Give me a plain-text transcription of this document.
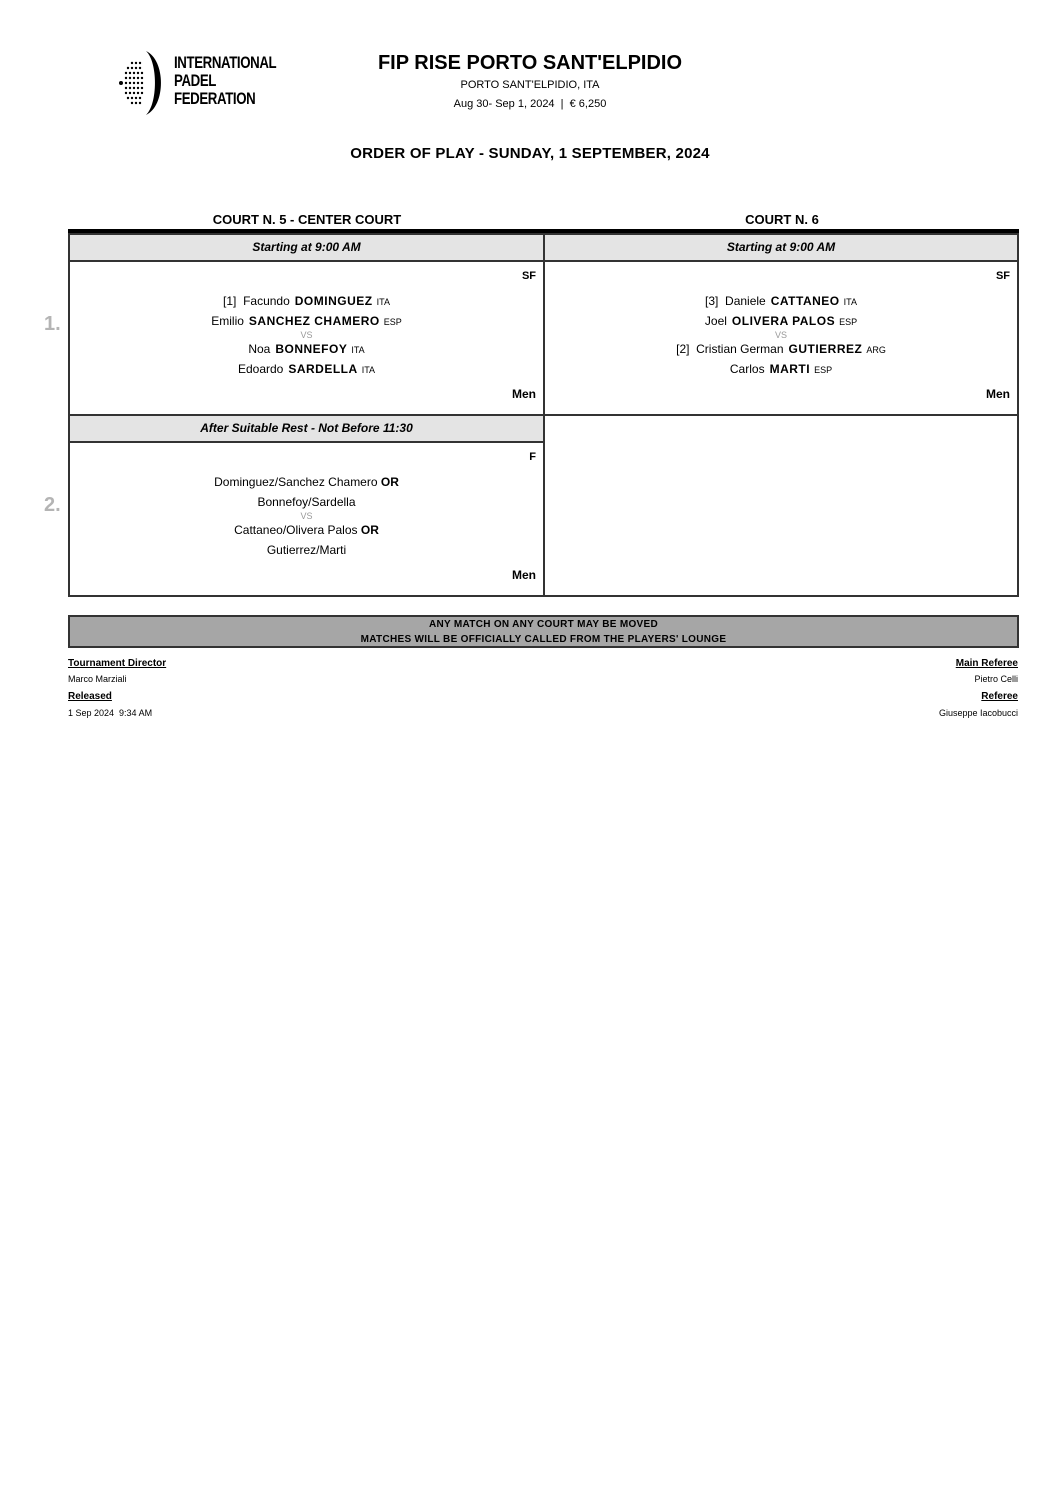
INTERNATIONAL
PADEL
FEDERATION
FIP RISE PORTO SANT'ELPIDIO
PORTO SANT'ELPIDIO, ITA
Aug 30- Sep 1, 2024  |  € 6,250
ORDER OF PLAY - SUNDAY, 1 SEPTEMBER, 2024
COURT N. 5 - CENTER COURT	COURT N. 6
1.
2.
Starting at 9:00 AM
SF
[1] Facundo DOMINGUEZ ITA
Emilio SANCHEZ CHAMERO ESP
VS
Noa BONNEFOY ITA
Edoardo SARDELLA ITA
Men
Starting at 9:00 AM
SF
[3] Daniele CATTANEO ITA
Joel OLIVERA PALOS ESP
VS
[2] Cristian German GUTIERREZ ARG
Carlos MARTI ESP
Men
After Suitable Rest - Not Before 11:30
F
Dominguez/Sanchez Chamero OR
Bonnefoy/Sardella
VS
Cattaneo/Olivera Palos OR
Gutierrez/Marti
Men
ANY MATCH ON ANY COURT MAY BE MOVED
MATCHES WILL BE OFFICIALLY CALLED FROM THE PLAYERS' LOUNGE
Tournament Director
Marco Marziali
Released
1 Sep 2024  9:34 AM
Main Referee
Pietro Celli
Referee
Giuseppe Iacobucci
